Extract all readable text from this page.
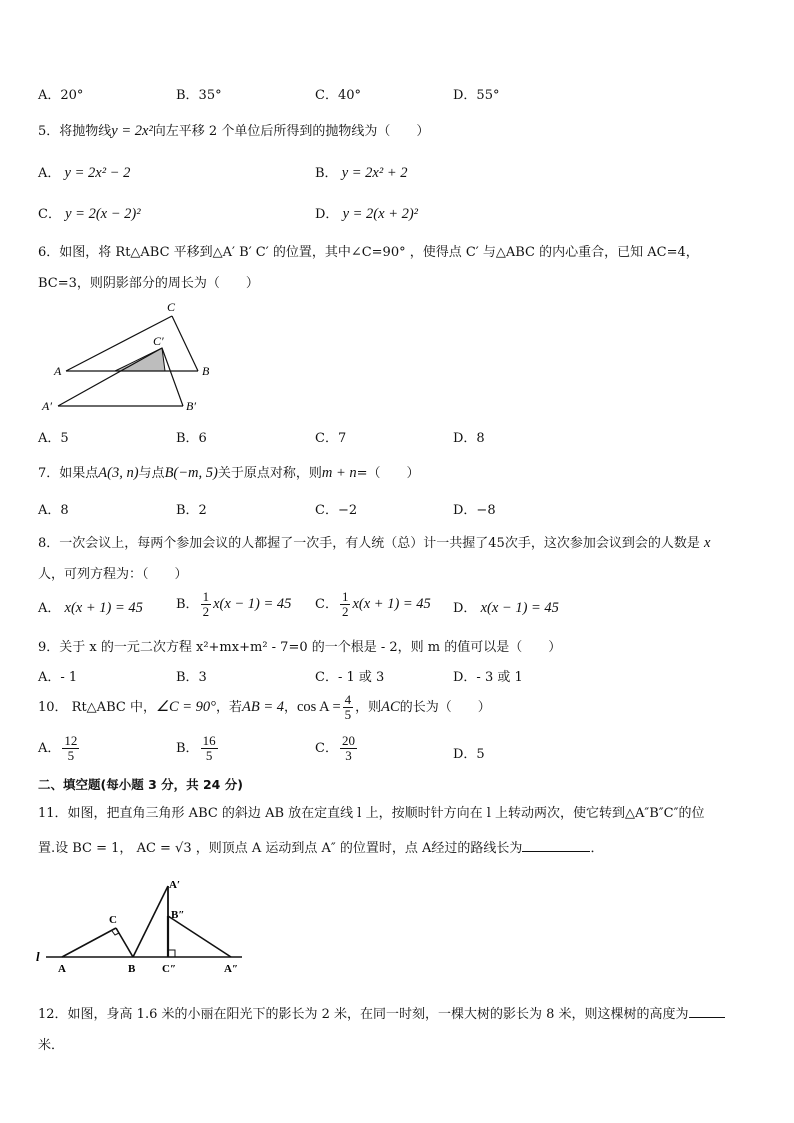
A．20°	B．35°	C．40°	D．55°
5．将抛物线y = 2x²向左平移 2 个单位后所得到的抛物线为（　　）
A． y = 2x² − 2	B． y = 2x² + 2
C． y = 2(x − 2)²	D． y = 2(x + 2)²
6．如图，将 Rt△ABC 平移到△A′ B′ C′ 的位置，其中∠C=90° ，使得点 C′ 与△ABC 的内心重合，已知 AC=4，
BC=3，则阴影部分的周长为（　　）
A	B
C
C′
A′	B′
A．5	B．6	C．7	D．8
7．如果点A(3, n)与点B(−m, 5)关于原点对称，则m + n=（　　）
A．8	B．2	C．−2	D．−8
8．一次会议上，每两个参加会议的人都握了一次手，有人统（总）计一共握了45次手，这次参加会议到会的人数是 x
人，可列方程为：（　　）
A． x(x + 1) = 45	B． $\frac{1}{2} x(x - 1) = 45$ C． $\frac{1}{2} x(x + 1) = 45$ D． x(x − 1) = 45
9．关于 x 的一元二次方程 x²+mx+m² - 7=0 的一个根是 - 2，则 m 的值可以是（　　）
A．- 1	B．3	C．- 1 或 3	D．- 3 或 1
10． Rt△ABC 中，∠C = 90°，若AB = 4，$\cos A = \frac{4}{5}$ ，则AC的长为（　　）
A． $\frac{12}{5}$	B． $\frac{16}{5}$	C． $\frac{20}{3}$	D．5
二、填空题(每小题 3 分，共 24 分)
11．如图，把直角三角形 ABC 的斜边 AB 放在定直线 l 上，按顺时针方向在 l 上转动两次，使它转到△A″B″C″的位
置.设 BC = 1， AC = √3 ，则顶点 A 运动到点 A″ 的位置时，点 A经过的路线长为	．
l
A	B
C
A′
B″
C″	A″
12．如图，身高 1.6 米的小丽在阳光下的影长为 2 米，在同一时刻，一棵大树的影长为 8 米，则这棵树的高度为
米．
